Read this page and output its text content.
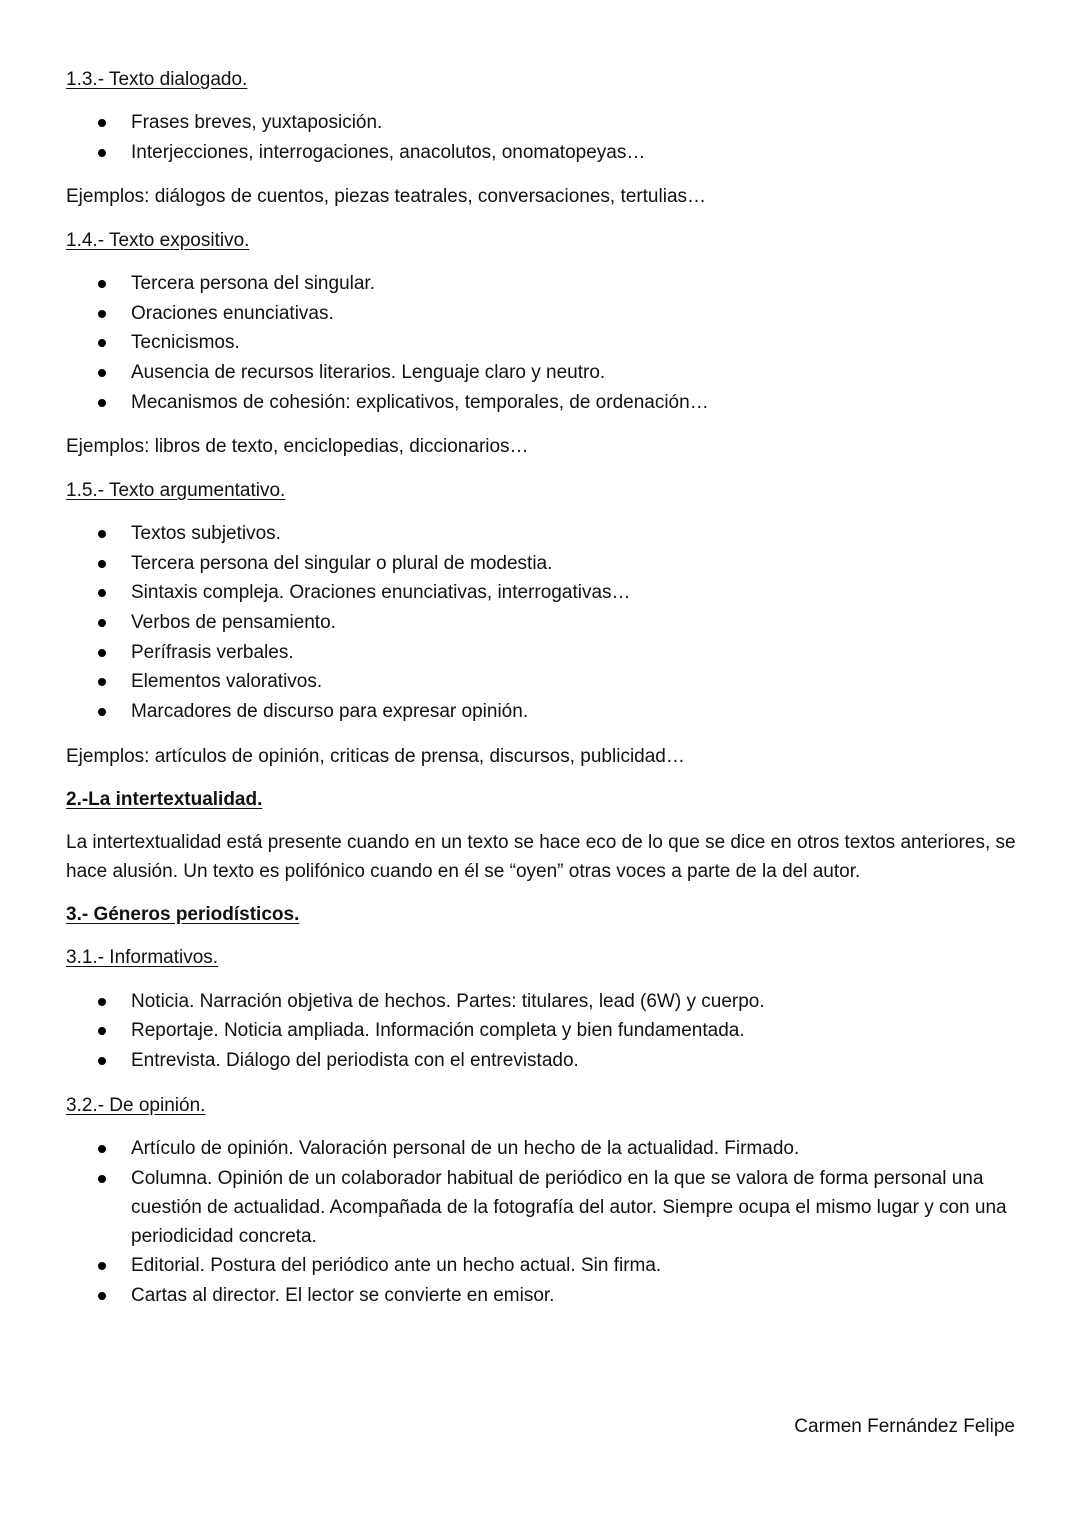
1.3.- Texto dialogado.
Frases breves, yuxtaposición.
Interjecciones, interrogaciones, anacolutos, onomatopeyas…
Ejemplos: diálogos de cuentos, piezas teatrales, conversaciones, tertulias…
1.4.- Texto expositivo.
Tercera persona del singular.
Oraciones enunciativas.
Tecnicismos.
Ausencia de recursos literarios. Lenguaje claro y neutro.
Mecanismos de cohesión: explicativos, temporales, de ordenación…
Ejemplos: libros de texto, enciclopedias, diccionarios…
1.5.- Texto argumentativo.
Textos subjetivos.
Tercera persona del singular o plural de modestia.
Sintaxis compleja. Oraciones enunciativas, interrogativas…
Verbos de pensamiento.
Perífrasis verbales.
Elementos valorativos.
Marcadores de discurso para expresar opinión.
Ejemplos: artículos de opinión, criticas de prensa, discursos, publicidad…
2.-La intertextualidad.
La intertextualidad está presente cuando en un texto se hace eco de lo que se dice en otros textos anteriores, se hace alusión. Un texto es polifónico cuando en él se “oyen” otras voces a parte de la del autor.
3.- Géneros periodísticos.
3.1.- Informativos.
Noticia. Narración objetiva de hechos. Partes: titulares, lead (6W) y cuerpo.
Reportaje. Noticia ampliada. Información completa y bien fundamentada.
Entrevista. Diálogo del periodista con el entrevistado.
3.2.- De opinión.
Artículo de opinión. Valoración personal de un hecho de la actualidad. Firmado.
Columna. Opinión de un colaborador habitual de periódico en la que se valora de forma personal una cuestión de actualidad. Acompañada de la fotografía del autor. Siempre ocupa el mismo lugar y con una periodicidad concreta.
Editorial. Postura del periódico ante un hecho actual. Sin firma.
Cartas al director. El lector se convierte en emisor.
Carmen Fernández Felipe
